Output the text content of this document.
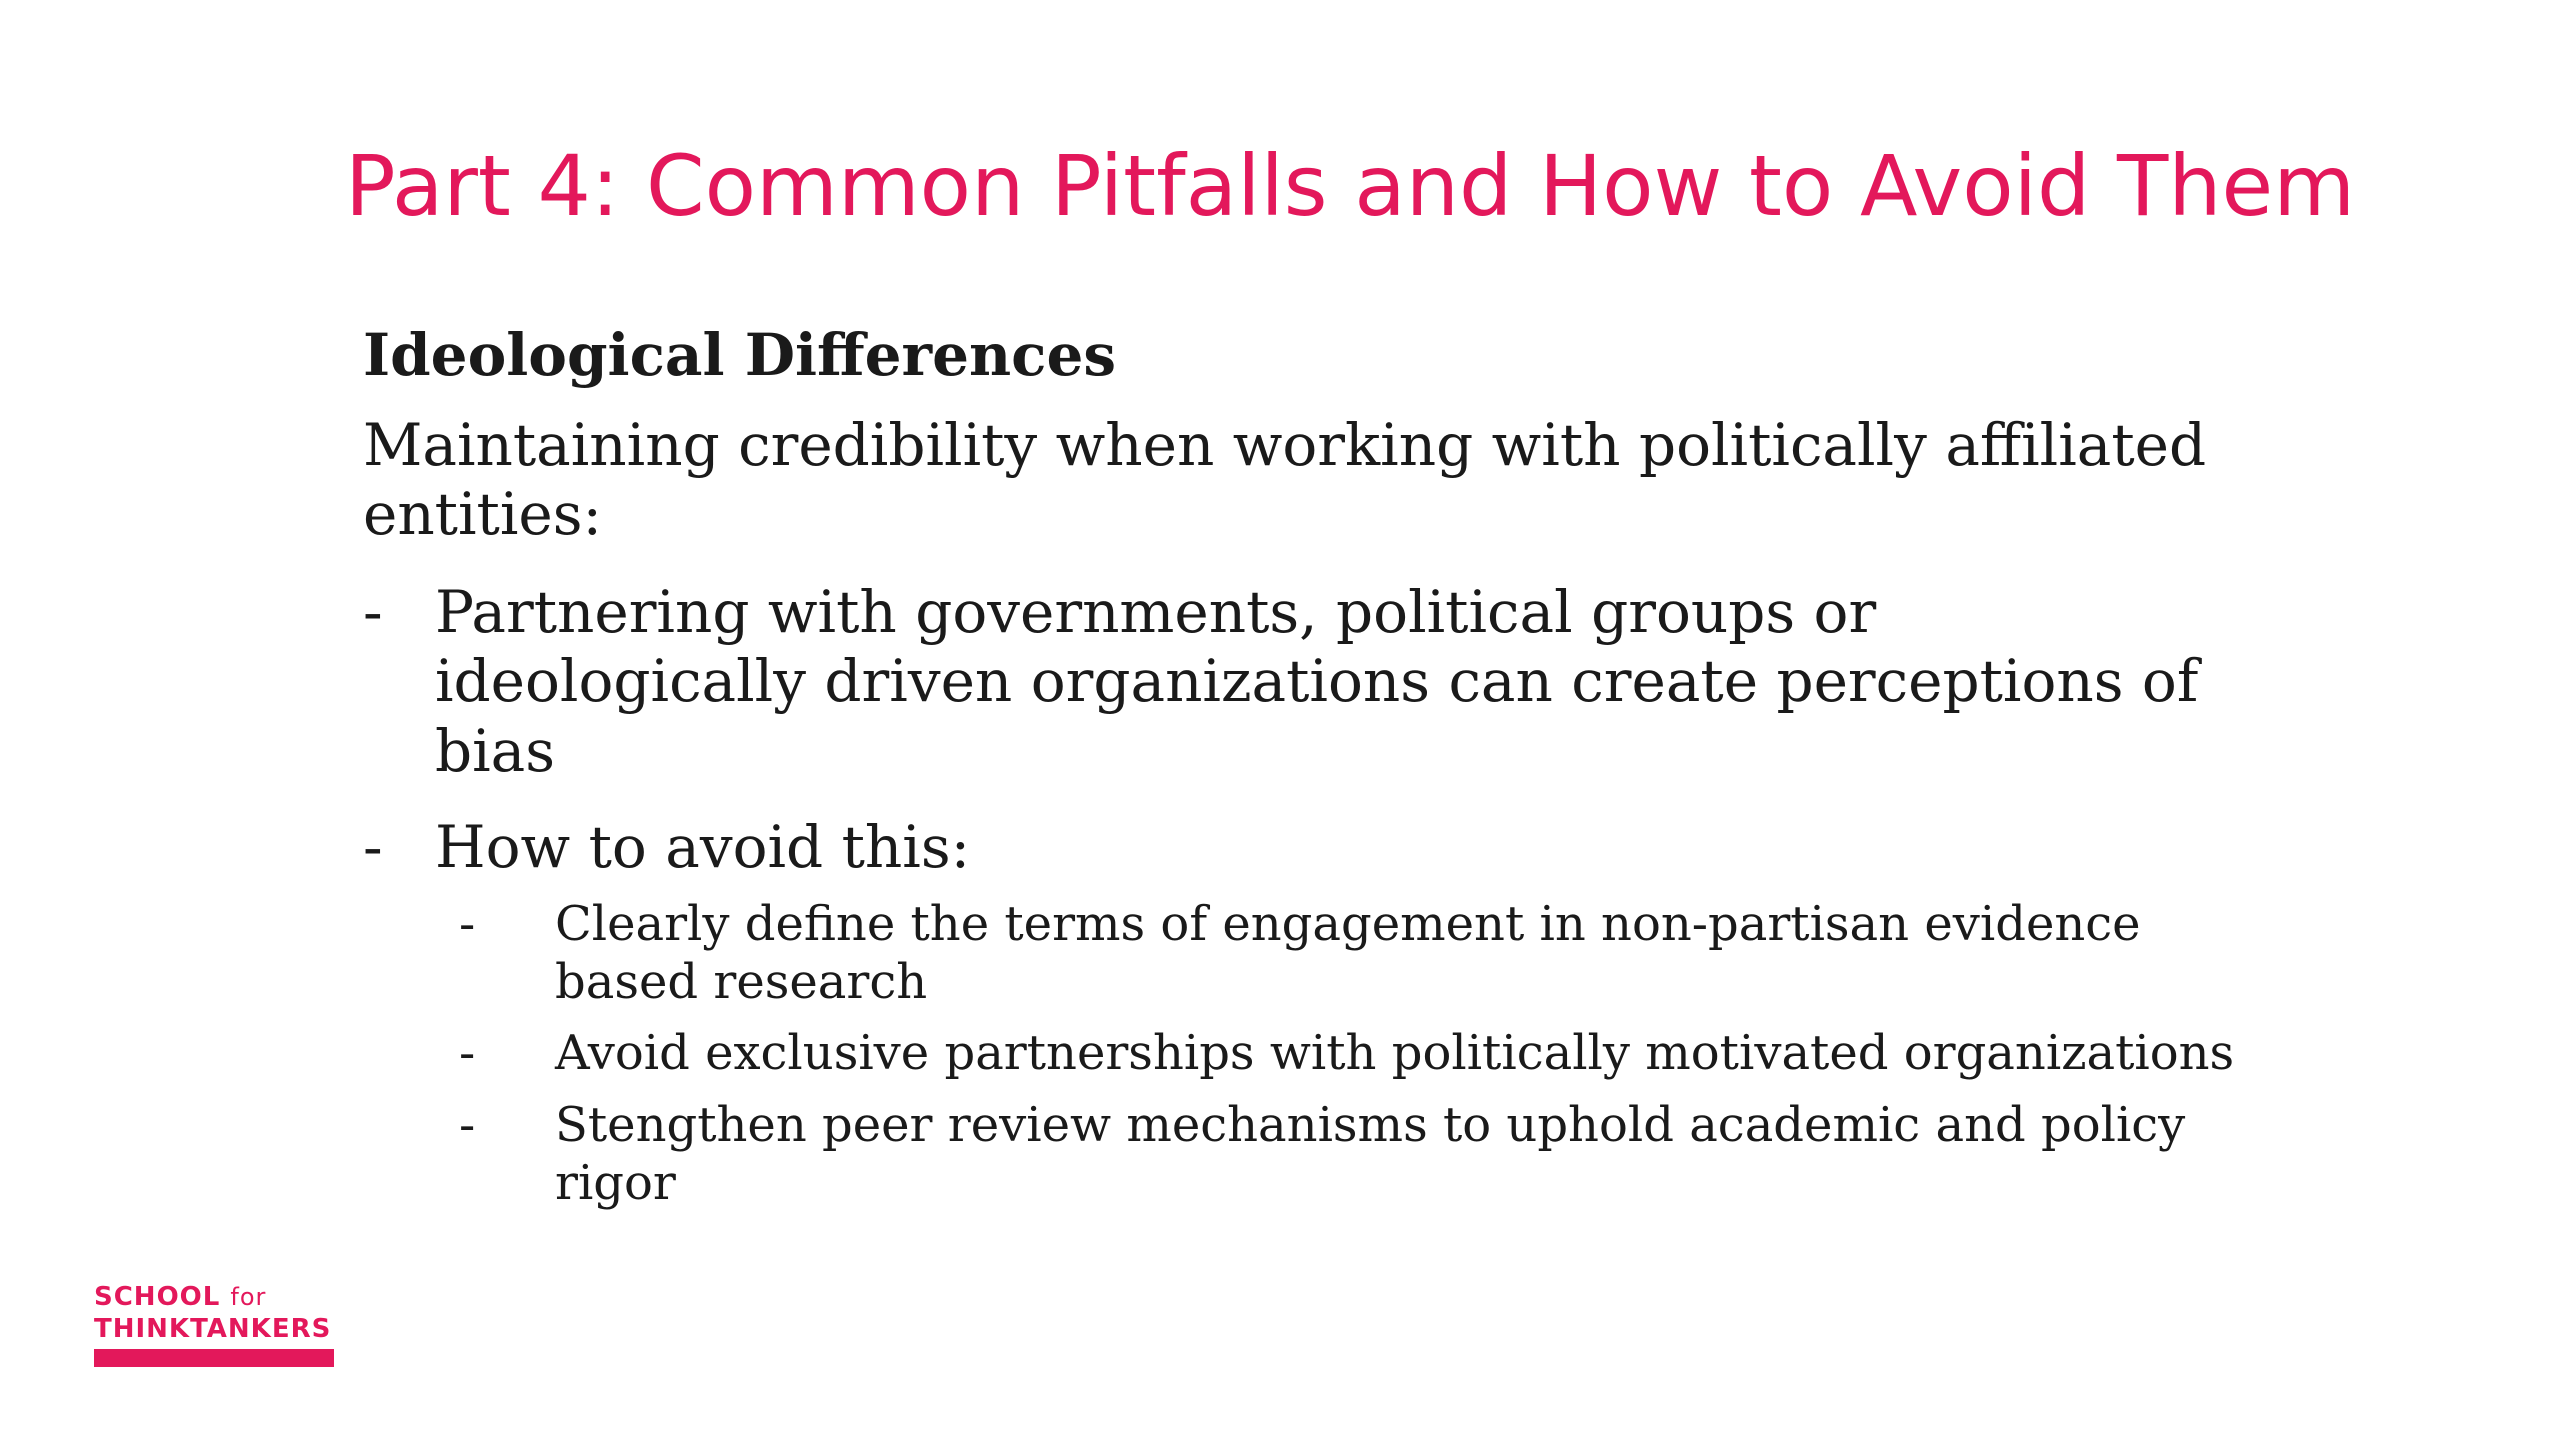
Part 4: Common Pitfalls and How to Avoid Them

Ideological Differences

Maintaining credibility when working with politically affiliated entities:

- Partnering with governments, political groups or ideologically driven organizations can create perceptions of bias
- How to avoid this:
- Clearly define the terms of engagement in non-partisan evidence based research
- Avoid exclusive partnerships with politically motivated organizations
- Stengthen peer review mechanisms to uphold academic and policy rigor
SCHOOL for
THINKTANKERS
